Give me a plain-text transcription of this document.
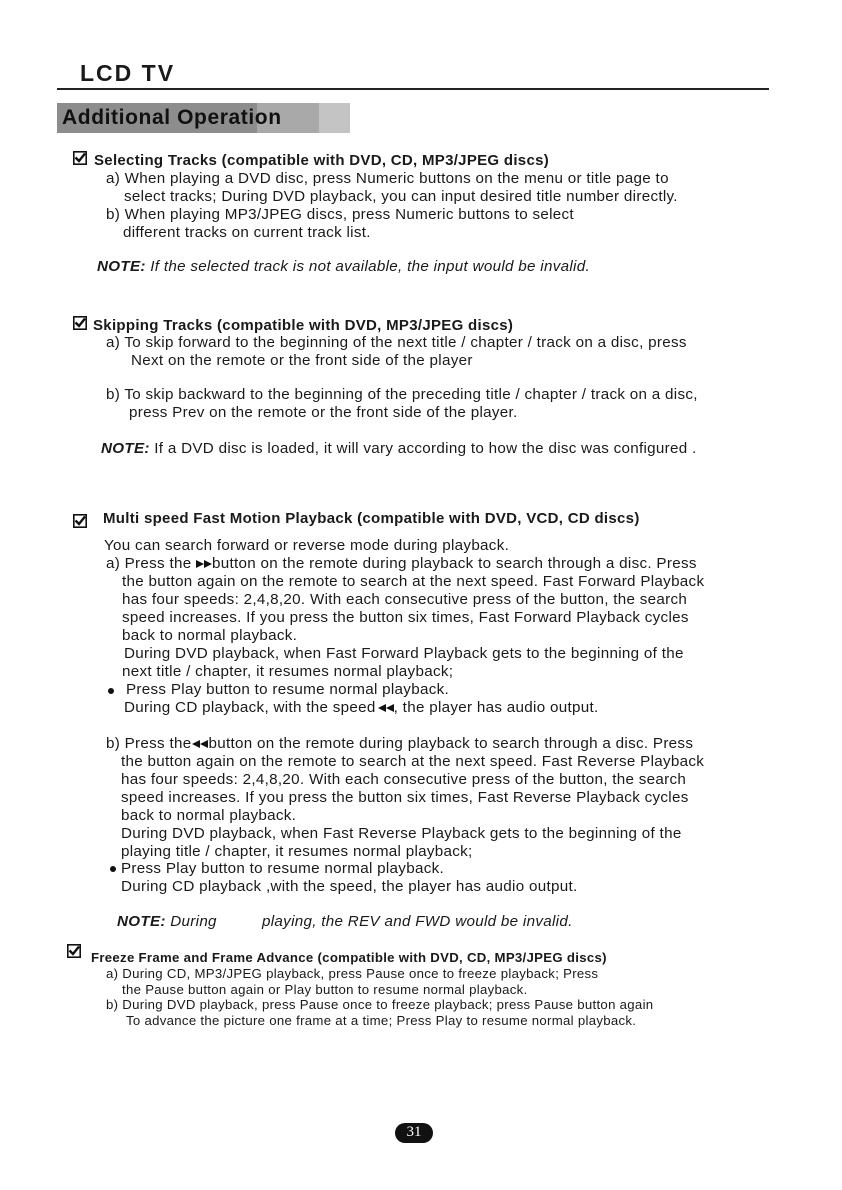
LCD TV
Additional Operation
Selecting Tracks (compatible with DVD, CD, MP3/JPEG discs)
a) When playing a DVD disc, press Numeric buttons on the menu or title page to
select tracks; During DVD playback, you can input desired title number directly.
b) When playing MP3/JPEG discs, press Numeric buttons to select
different tracks on current track list.
NOTE: If the selected track is not available, the input would be invalid.
Skipping Tracks (compatible with DVD, MP3/JPEG discs)
a) To skip forward to the beginning of the next title / chapter / track on a disc, press
Next on the remote or the front side of the player
b) To skip backward to the beginning of the preceding title / chapter / track on a disc,
press Prev on the remote or the front side of the player.
NOTE: If a DVD disc is loaded, it will vary according to how the disc was configured .
Multi speed Fast Motion Playback (compatible with DVD, VCD, CD discs)
You can search forward or reverse mode during playback.
a) Press the button on the remote during playback to search through a disc. Press
the button again on the remote to search at the next speed. Fast Forward Playback
has four speeds: 2,4,8,20. With each consecutive press of the button, the search
speed increases. If you press the button six times, Fast Forward Playback cycles
back to normal playback.
During DVD playback, when Fast Forward Playback gets to the beginning of the
next title / chapter, it resumes normal playback;
Press Play button to resume normal playback.
During CD playback, with the speed , the player has audio output.
b) Press the button on the remote during playback to search through a disc. Press
the button again on the remote to search at the next speed. Fast Reverse Playback
has four speeds: 2,4,8,20. With each consecutive press of the button, the search
speed increases. If you press the button six times, Fast Reverse Playback cycles
back to normal playback.
During DVD playback, when Fast Reverse Playback gets to the beginning of the
playing title / chapter, it resumes normal playback;
Press Play button to resume normal playback.
During CD playback ,with the speed, the player has audio output.
NOTE: During          playing, the REV and FWD would be invalid.
Freeze Frame and Frame Advance (compatible with DVD, CD, MP3/JPEG discs)
a) During CD, MP3/JPEG playback, press Pause once to freeze playback; Press
the Pause button again or Play button to resume normal playback.
b) During DVD playback, press Pause once to freeze playback; press Pause button again
To advance the picture one frame at a time; Press Play to resume normal playback.
31
